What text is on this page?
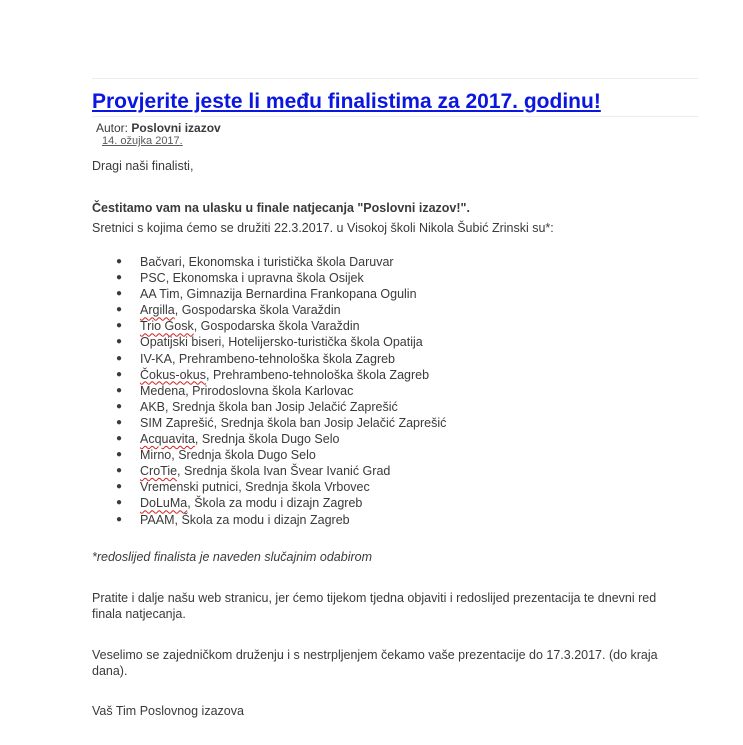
Provjerite jeste li među finalistima za 2017. godinu!
Autor: Poslovni izazov
14. ožujka 2017.
Dragi naši finalisti,
Čestitamo vam na ulasku u finale natjecanja "Poslovni izazov!".
Sretnici s kojima ćemo se družiti 22.3.2017. u Visokoj školi Nikola Šubić Zrinski su*:
● Bačvari, Ekonomska i turistička škola Daruvar
● PSC, Ekonomska i upravna škola Osijek
● AA Tim, Gimnazija Bernardina Frankopana Ogulin
● Argilla, Gospodarska škola Varaždin
● Trio Gosk, Gospodarska škola Varaždin
● Opatijski biseri, Hotelijersko-turistička škola Opatija
● IV-KA, Prehrambeno-tehnološka škola Zagreb
● Čokus-okus, Prehrambeno-tehnološka škola Zagreb
● Medena, Prirodoslovna škola Karlovac
● AKB, Srednja škola ban Josip Jelačić Zaprešić
● SIM Zaprešić, Srednja škola ban Josip Jelačić Zaprešić
● Acquavita, Srednja škola Dugo Selo
● Mirno, Srednja škola Dugo Selo
● CroTie, Srednja škola Ivan Švear Ivanić Grad
● Vremenski putnici, Srednja škola Vrbovec
● DoLuMa, Škola za modu i dizajn Zagreb
● PAAM, Škola za modu i dizajn Zagreb
*redoslijed finalista je naveden slučajnim odabirom
Pratite i dalje našu web stranicu, jer ćemo tijekom tjedna objaviti i redoslijed prezentacija te dnevni red
finala natjecanja.
Veselimo se zajedničkom druženju i s nestrpljenjem čekamo vaše prezentacije do 17.3.2017. (do kraja
dana).
Vaš Tim Poslovnog izazova
